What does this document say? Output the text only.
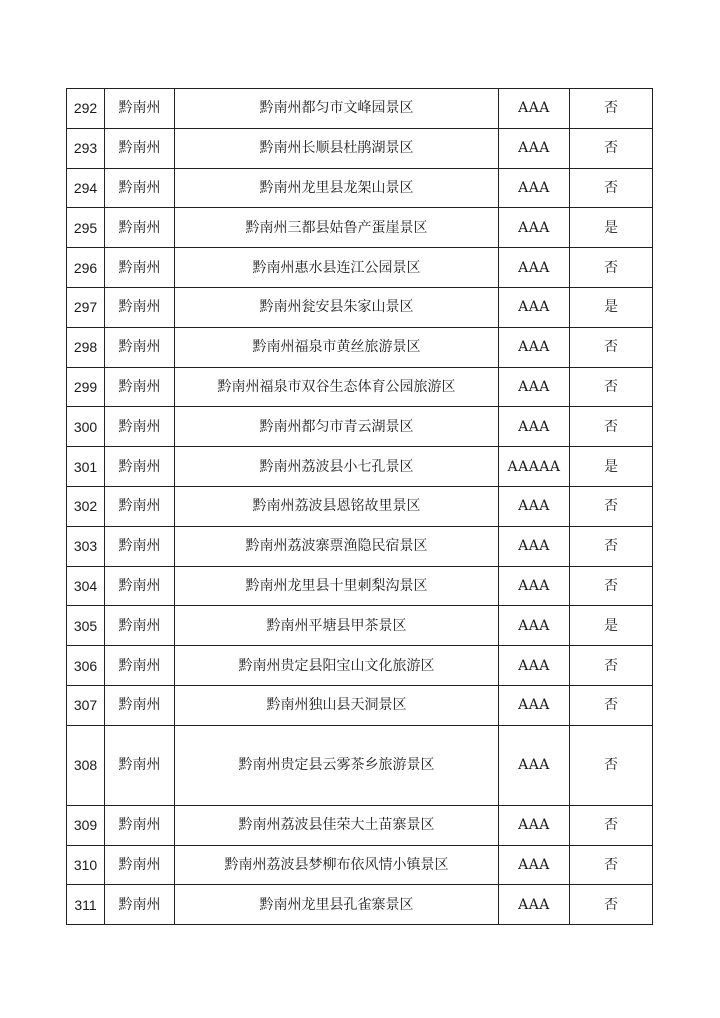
292	黔南州	黔南州都匀市文峰园景区	AAA	否
293	黔南州	黔南州长顺县杜鹃湖景区	AAA	否
294	黔南州	黔南州龙里县龙架山景区	AAA	否
295	黔南州	黔南州三都县姑鲁产蛋崖景区	AAA	是
296	黔南州	黔南州惠水县连江公园景区	AAA	否
297	黔南州	黔南州瓮安县朱家山景区	AAA	是
298	黔南州	黔南州福泉市黄丝旅游景区	AAA	否
299	黔南州	黔南州福泉市双谷生态体育公园旅游区	AAA	否
300	黔南州	黔南州都匀市青云湖景区	AAA	否
301	黔南州	黔南州荔波县小七孔景区	AAAAA	是
302	黔南州	黔南州荔波县恩铭故里景区	AAA	否
303	黔南州	黔南州荔波寨票渔隐民宿景区	AAA	否
304	黔南州	黔南州龙里县十里刺梨沟景区	AAA	否
305	黔南州	黔南州平塘县甲茶景区	AAA	是
306	黔南州	黔南州贵定县阳宝山文化旅游区	AAA	否
307	黔南州	黔南州独山县天洞景区	AAA	否
308	黔南州	黔南州贵定县云雾茶乡旅游景区	AAA	否
309	黔南州	黔南州荔波县佳荣大土苗寨景区	AAA	否
310	黔南州	黔南州荔波县梦柳布依风情小镇景区	AAA	否
311	黔南州	黔南州龙里县孔雀寨景区	AAA	否
